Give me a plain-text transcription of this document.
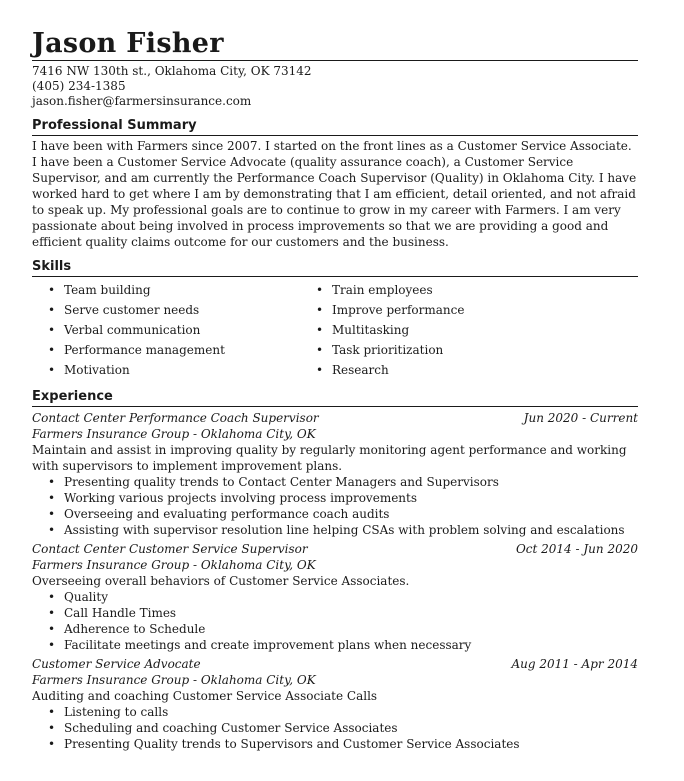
Jason Fisher
7416 NW 130th st., Oklahoma City, OK 73142
(405) 234-1385
jason.fisher@farmersinsurance.com
Professional Summary
I have been with Farmers since 2007. I started on the front lines as a Customer Service Associate. I have been a Customer Service Advocate (quality assurance coach), a Customer Service Supervisor, and am currently the Performance Coach Supervisor (Quality) in Oklahoma City. I have worked hard to get where I am by demonstrating that I am efficient, detail oriented, and not afraid to speak up. My professional goals are to continue to grow in my career with Farmers. I am very passionate about being involved in process improvements so that we are providing a good and efficient quality claims outcome for our customers and the business.
Skills
• Team building
• Serve customer needs
• Verbal communication
• Performance management
• Motivation
• Train employees
• Improve performance
• Multitasking
• Task prioritization
• Research
Experience
Contact Center Performance Coach Supervisor	Jun 2020 - Current
Farmers Insurance Group - Oklahoma City, OK
Maintain and assist in improving quality by regularly monitoring agent performance and working with supervisors to implement improvement plans.
• Presenting quality trends to Contact Center Managers and Supervisors
• Working various projects involving process improvements
• Overseeing and evaluating performance coach audits
• Assisting with supervisor resolution line helping CSAs with problem solving and escalations
Contact Center Customer Service Supervisor	Oct 2014 - Jun 2020
Farmers Insurance Group - Oklahoma City, OK
Overseeing overall behaviors of Customer Service Associates.
• Quality
• Call Handle Times
• Adherence to Schedule
• Facilitate meetings and create improvement plans when necessary
Customer Service Advocate	Aug 2011 - Apr 2014
Farmers Insurance Group - Oklahoma City, OK
Auditing and coaching Customer Service Associate Calls
• Listening to calls
• Scheduling and coaching Customer Service Associates
• Presenting Quality trends to Supervisors and Customer Service Associates
